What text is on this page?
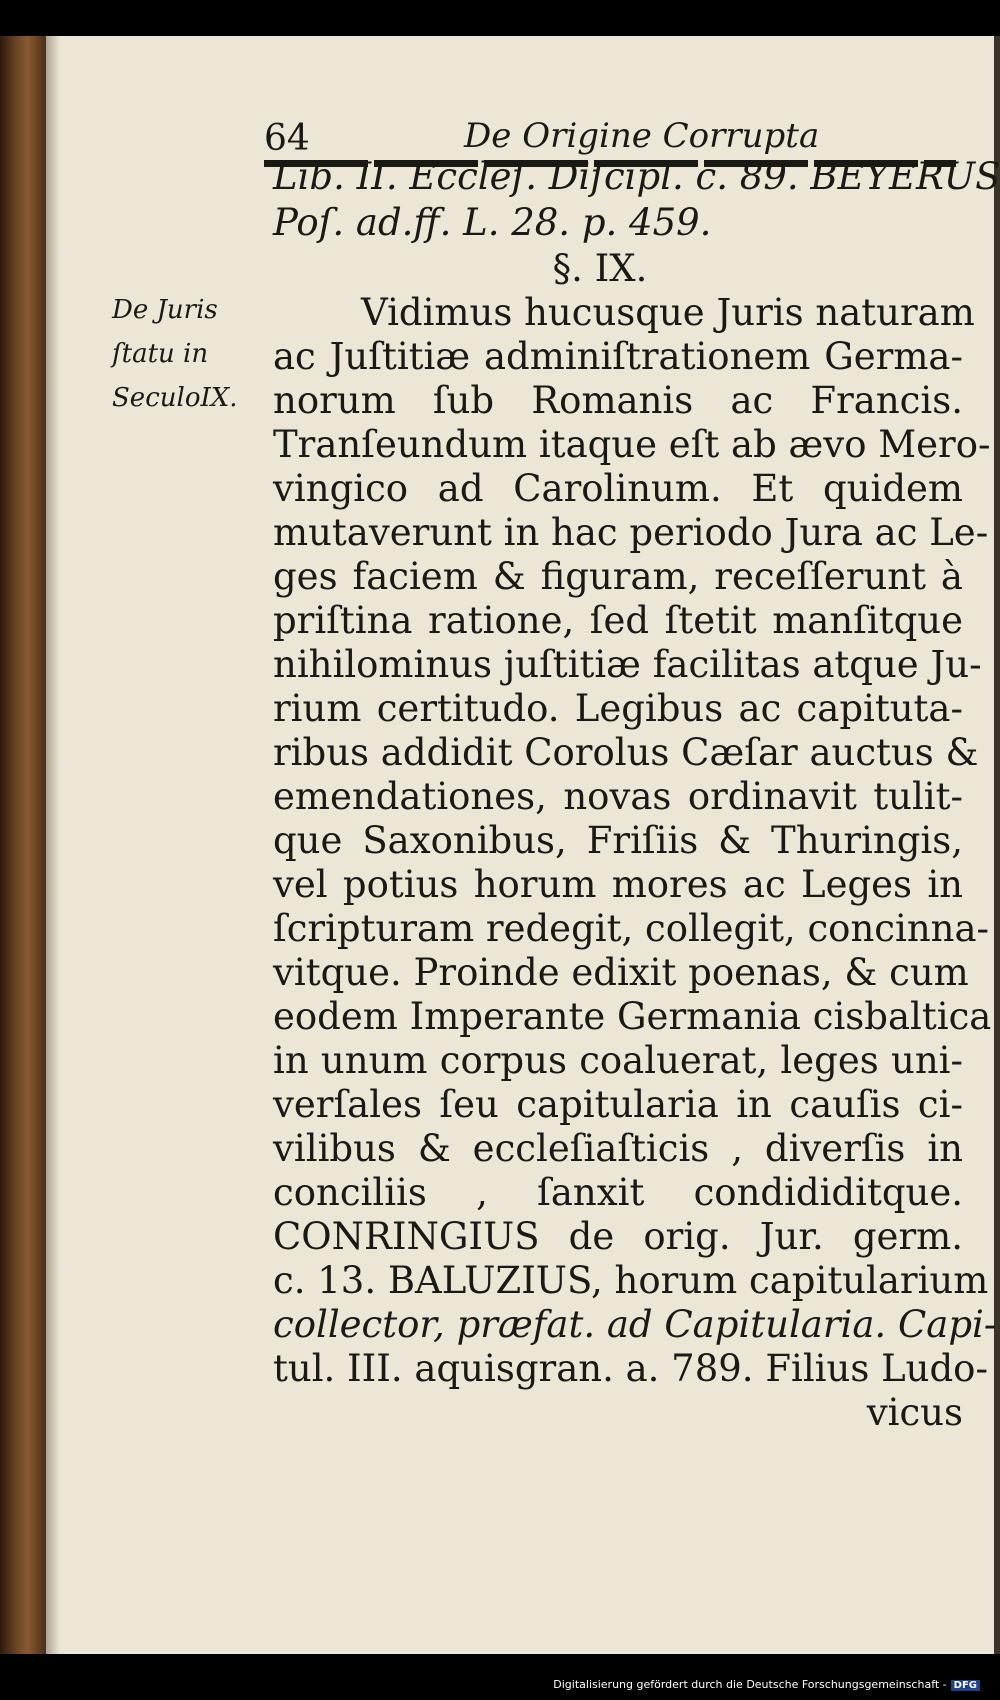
64	De Origine Corrupta
Lib. II. Eccleſ. Diſcipl. c. 89. BEYERUS
Poſ. ad.ff. L. 28. p. 459.
§. IX.
Vidimus hucusque Juris naturam
ac Juſtitiæ adminiſtrationem Germa-
norum ſub Romanis ac Francis.
Tranſeundum itaque eſt ab ævo Mero-
vingico ad Carolinum. Et quidem
mutaverunt in hac periodo Jura ac Le-
ges faciem & figuram, receſſerunt à
priſtina ratione, ſed ſtetit manſitque
nihilominus juſtitiæ facilitas atque Ju-
rium certitudo. Legibus ac capituta-
ribus addidit Corolus Cæſar auctus &
emendationes, novas ordinavit tulit-
que Saxonibus, Friſiis & Thuringis,
vel potius horum mores ac Leges in
ſcripturam redegit, collegit, concinna-
vitque. Proinde edixit poenas, & cum
eodem Imperante Germania cisbaltica
in unum corpus coaluerat, leges uni-
verſales ſeu capitularia in cauſis ci-
vilibus & eccleſiaſticis , diverſis in
conciliis , ſanxit condididitque.
CONRINGIUS de orig. Jur. germ.
c. 13. BALUZIUS, horum capitularium
collector, præfat. ad Capitularia. Capi-
tul. III. aquisgran. a. 789. Filius Ludo-
vicus
De Juris
ſtatu in
SeculoIX.
Digitalisierung gefördert durch die Deutsche Forschungsgemeinschaft - DFG
